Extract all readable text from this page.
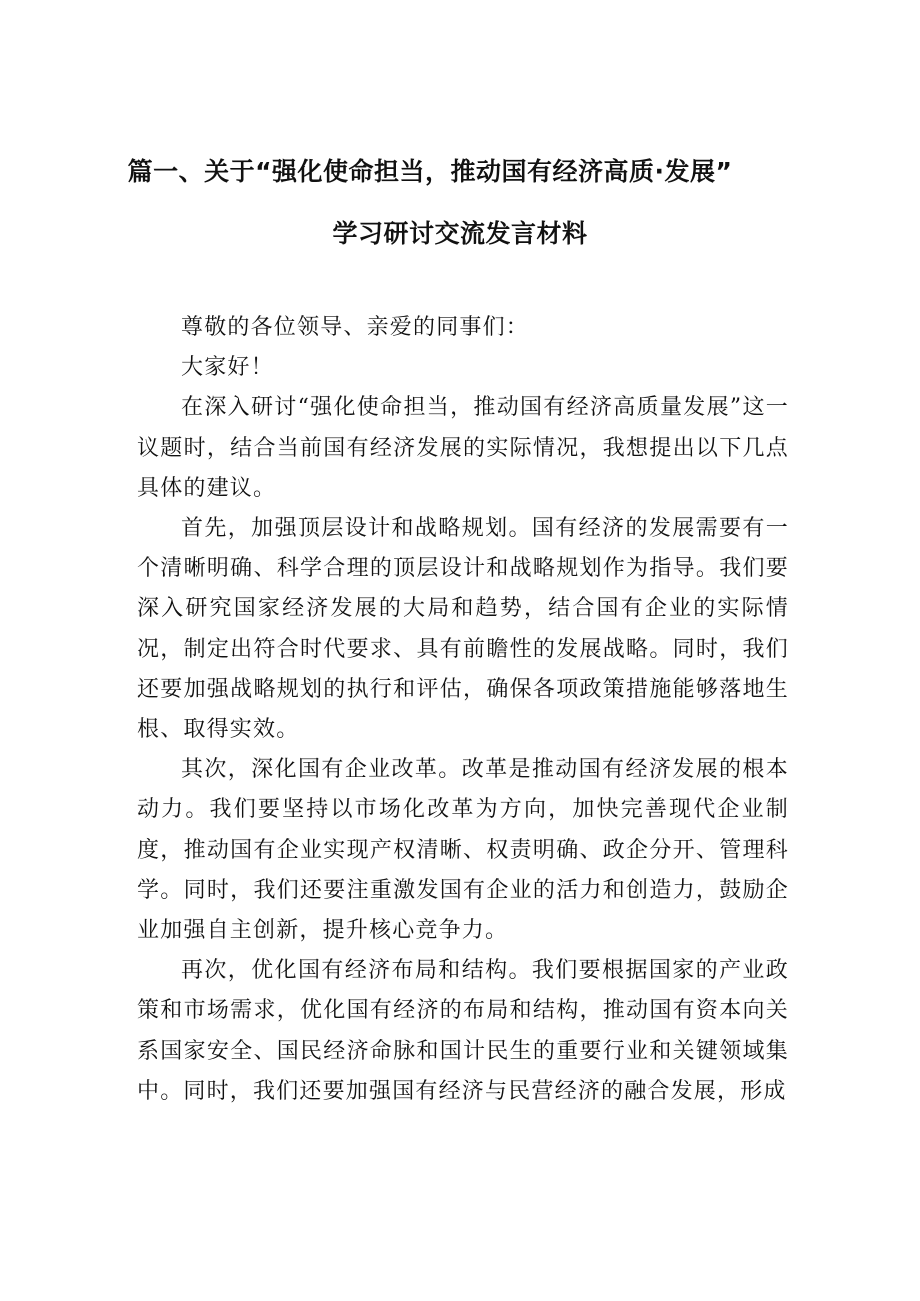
篇一、关于“强化使命担当，推动国有经济高质·发展”
学习研讨交流发言材料

尊敬的各位领导、亲爱的同事们：

大家好！

在深入研讨“强化使命担当，推动国有经济高质量发展”这一议题时，结合当前国有经济发展的实际情况，我想提出以下几点具体的建议。

首先，加强顶层设计和战略规划。国有经济的发展需要有一个清晰明确、科学合理的顶层设计和战略规划作为指导。我们要深入研究国家经济发展的大局和趋势，结合国有企业的实际情况，制定出符合时代要求、具有前瞻性的发展战略。同时，我们还要加强战略规划的执行和评估，确保各项政策措施能够落地生根、取得实效。

其次，深化国有企业改革。改革是推动国有经济发展的根本动力。我们要坚持以市场化改革为方向，加快完善现代企业制度，推动国有企业实现产权清晰、权责明确、政企分开、管理科学。同时，我们还要注重激发国有企业的活力和创造力，鼓励企业加强自主创新，提升核心竞争力。

再次，优化国有经济布局和结构。我们要根据国家的产业政策和市场需求，优化国有经济的布局和结构，推动国有资本向关系国家安全、国民经济命脉和国计民生的重要行业和关键领域集中。同时，我们还要加强国有经济与民营经济的融合发展，形成
